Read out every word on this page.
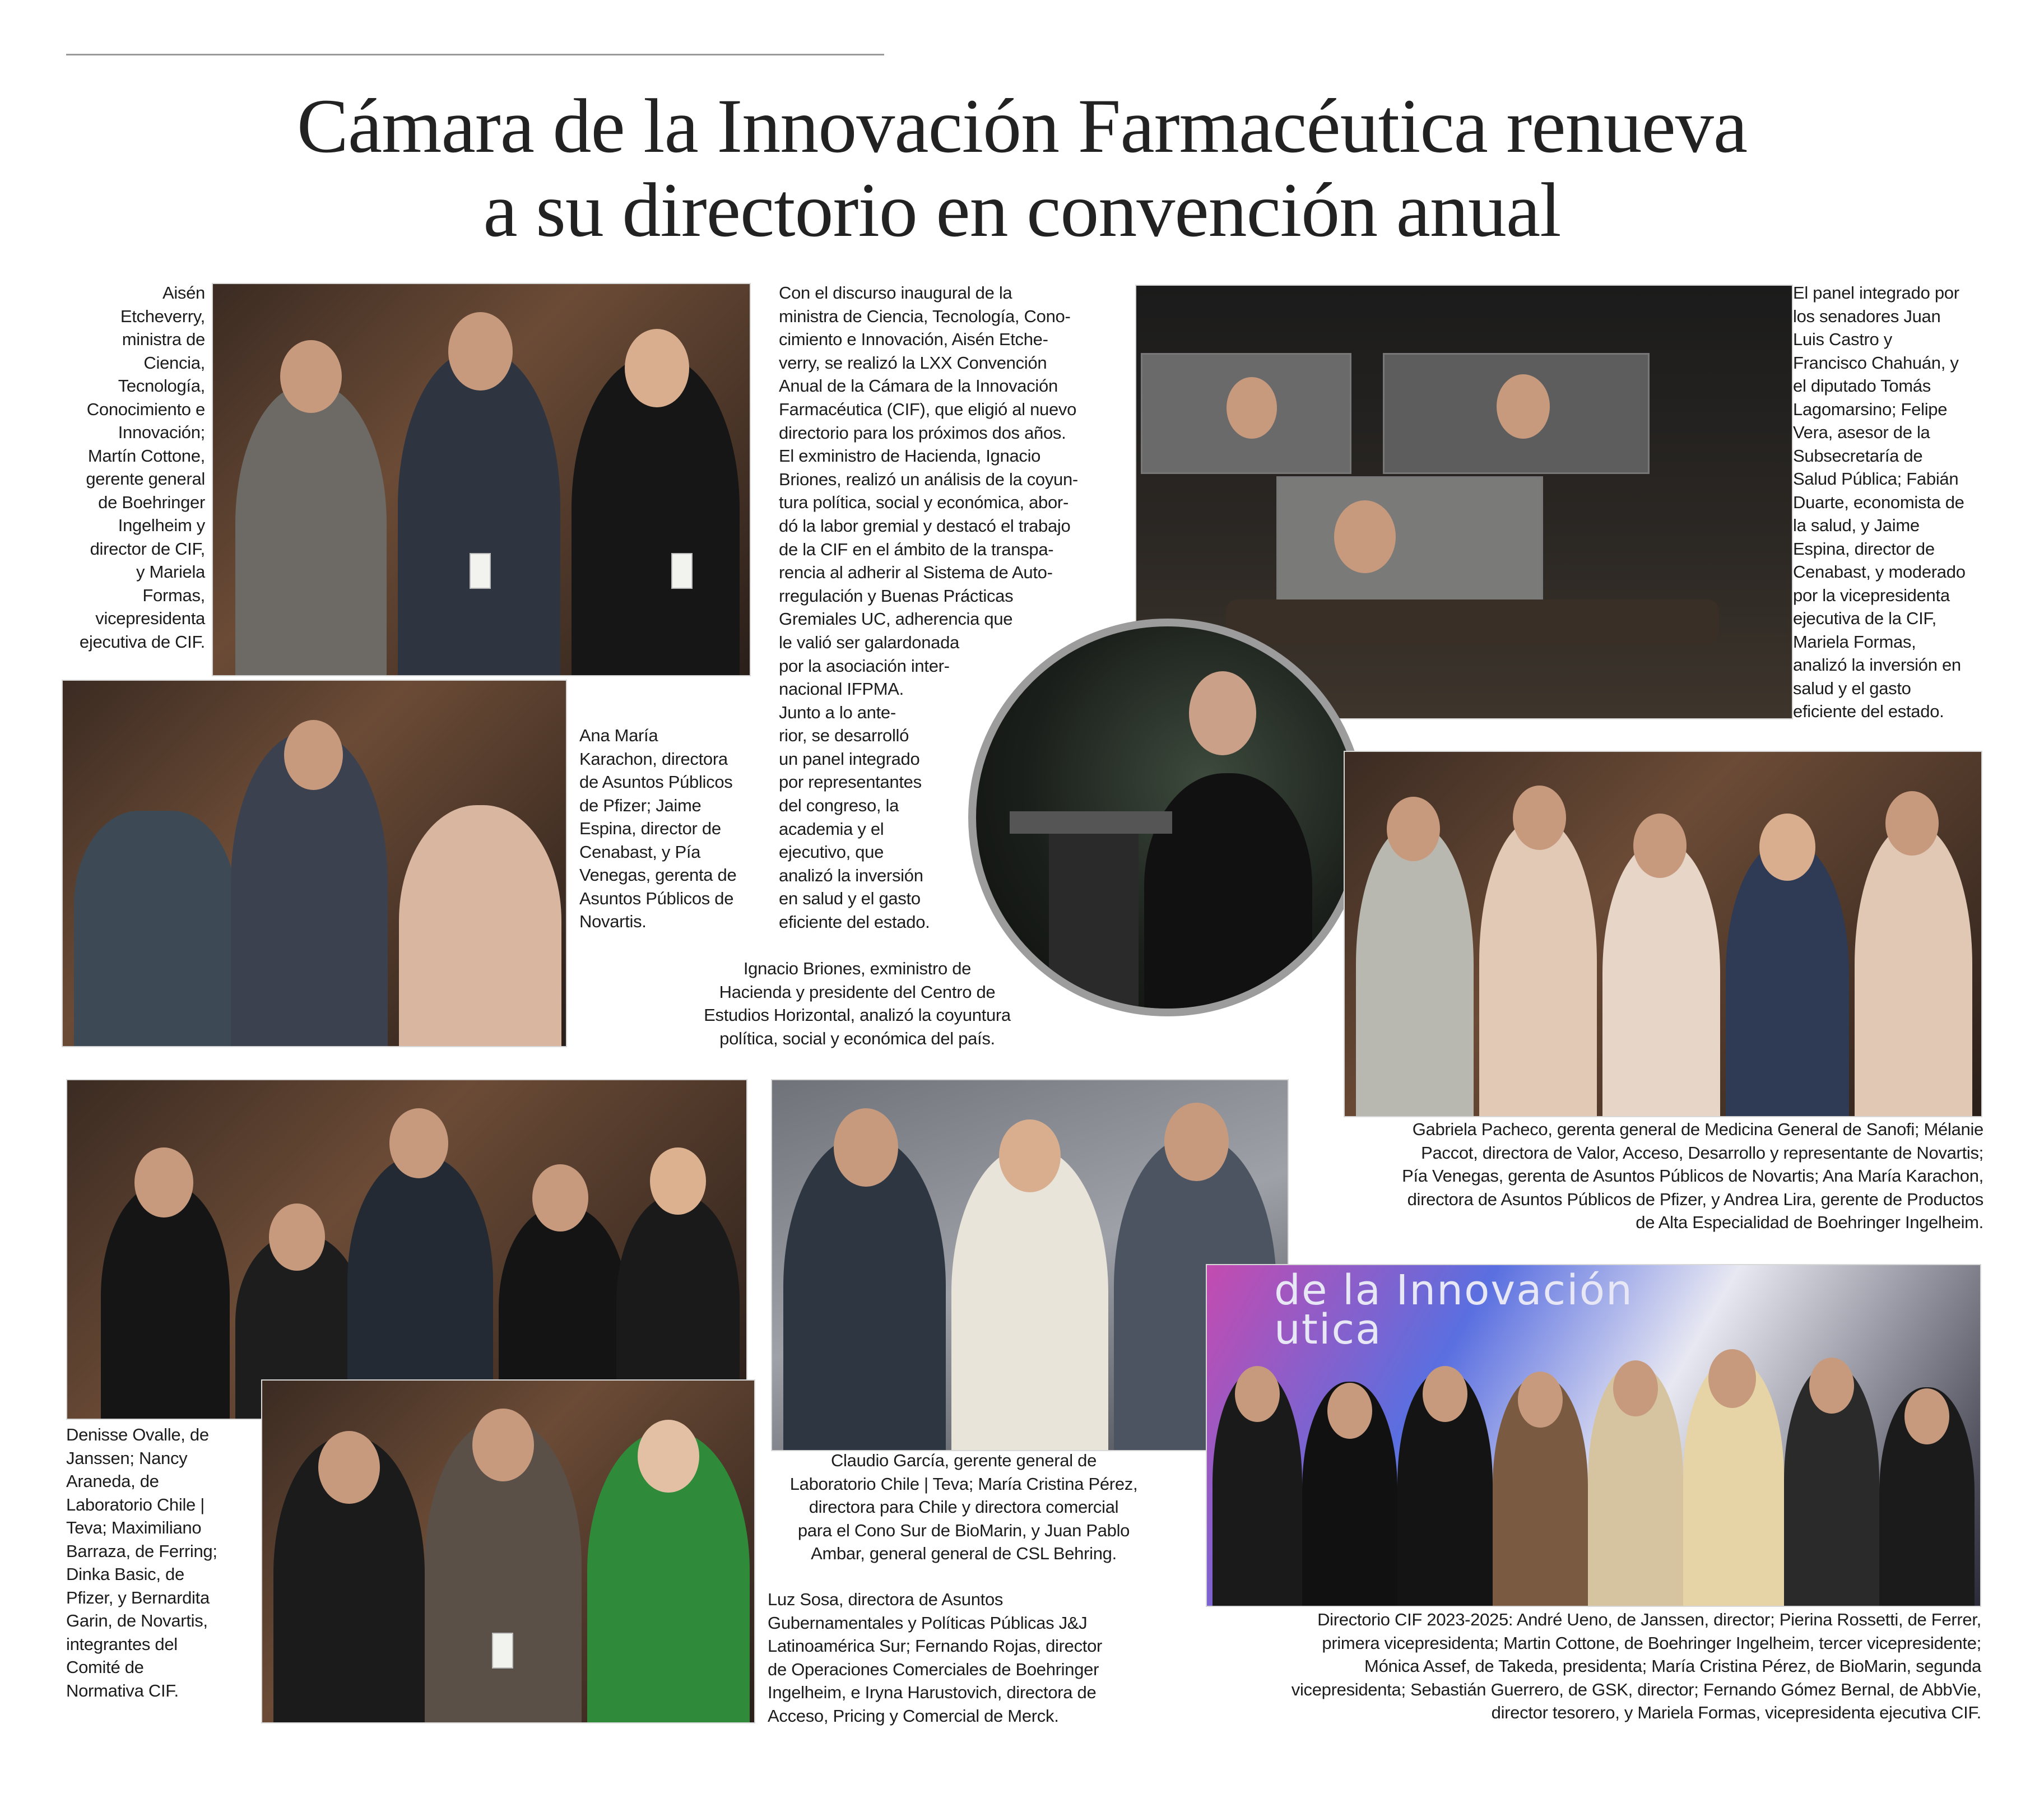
Cámara de la Innovación Farmacéutica renueva
a su directorio en convención anual
Aisén
Etcheverry,
ministra de
Ciencia,
Tecnología,
Conocimiento e
Innovación;
Martín Cottone,
gerente general
de Boehringer
Ingelheim y
director de CIF,
y Mariela
Formas,
vicepresidenta
ejecutiva de CIF.
Con el discurso inaugural de la
ministra de Ciencia, Tecnología, Cono-
cimiento e Innovación, Aisén Etche-
verry, se realizó la LXX Convención
Anual de la Cámara de la Innovación
Farmacéutica (CIF), que eligió al nuevo
directorio para los próximos dos años.
El exministro de Hacienda, Ignacio
Briones, realizó un análisis de la coyun-
tura política, social y económica, abor-
dó la labor gremial y destacó el trabajo
de la CIF en el ámbito de la transpa-
rencia al adherir al Sistema de Auto-
rregulación y Buenas Prácticas
Gremiales UC, adherencia que
le valió ser galardonada
por la asociación inter-
nacional IFPMA.
Junto a lo ante-
rior, se desarrolló
un panel integrado
por representantes
del congreso, la
academia y el
ejecutivo, que
analizó la inversión
en salud y el gasto
eficiente del estado.
El panel integrado por
los senadores Juan
Luis Castro y
Francisco Chahuán, y
el diputado Tomás
Lagomarsino; Felipe
Vera, asesor de la
Subsecretaría de
Salud Pública; Fabián
Duarte, economista de
la salud, y Jaime
Espina, director de
Cenabast, y moderado
por la vicepresidenta
ejecutiva de la CIF,
Mariela Formas,
analizó la inversión en
salud y el gasto
eficiente del estado.
Ana María
Karachon, directora
de Asuntos Públicos
de Pfizer; Jaime
Espina, director de
Cenabast, y Pía
Venegas, gerenta de
Asuntos Públicos de
Novartis.
Ignacio Briones, exministro de
Hacienda y presidente del Centro de
Estudios Horizontal, analizó la coyuntura
política, social y económica del país.
Gabriela Pacheco, gerenta general de Medicina General de Sanofi; Mélanie
Paccot, directora de Valor, Acceso, Desarrollo y representante de Novartis;
Pía Venegas, gerenta de Asuntos Públicos de Novartis; Ana María Karachon,
directora de Asuntos Públicos de Pfizer, y Andrea Lira, gerente de Productos
de Alta Especialidad de Boehringer Ingelheim.
Denisse Ovalle, de
Janssen; Nancy
Araneda, de
Laboratorio Chile |
Teva; Maximiliano
Barraza, de Ferring;
Dinka Basic, de
Pfizer, y Bernardita
Garin, de Novartis,
integrantes del
Comité de
Normativa CIF.
Claudio García, gerente general de
Laboratorio Chile | Teva; María Cristina Pérez,
directora para Chile y directora comercial
para el Cono Sur de BioMarin, y Juan Pablo
Ambar, general general de CSL Behring.
Luz Sosa, directora de Asuntos
Gubernamentales y Políticas Públicas J&J
Latinoamérica Sur; Fernando Rojas, director
de Operaciones Comerciales de Boehringer
Ingelheim, e Iryna Harustovich, directora de
Acceso, Pricing y Comercial de Merck.
de la Innovación
utica
Directorio CIF 2023-2025: André Ueno, de Janssen, director; Pierina Rossetti, de Ferrer,
primera vicepresidenta; Martin Cottone, de Boehringer Ingelheim, tercer vicepresidente;
Mónica Assef, de Takeda, presidenta; María Cristina Pérez, de BioMarin, segunda
vicepresidenta; Sebastián Guerrero, de GSK, director; Fernando Gómez Bernal, de AbbVie,
director tesorero, y Mariela Formas, vicepresidenta ejecutiva CIF.
